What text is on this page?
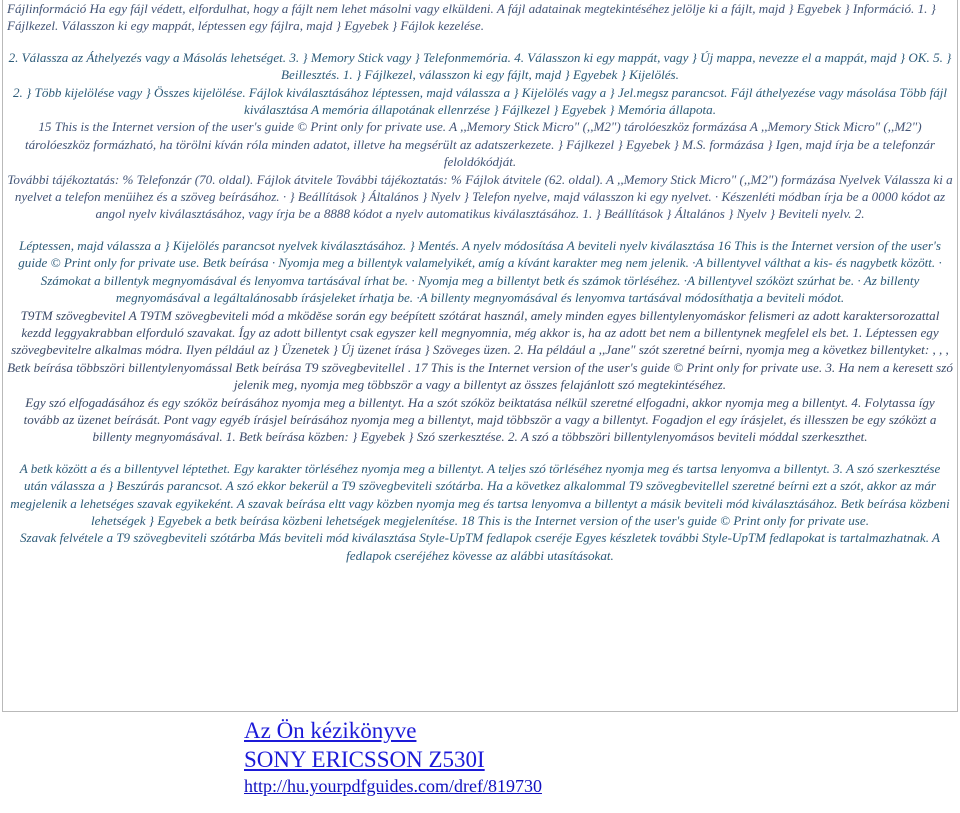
Fájlinformáció Ha egy fájl védett, elfordulhat, hogy a fájlt nem lehet másolni vagy elküldeni. A fájl adatainak megtekintéséhez jelölje ki a fájlt, majd } Egyebek } Információ. 1. } Fájlkezel. Válasszon ki egy mappát, léptessen egy fájlra, majd } Egyebek } Fájlok kezelése.

2. Válassza az Áthelyezés vagy a Másolás lehetséget. 3. } Memory Stick vagy } Telefonmemória. 4. Válasszon ki egy mappát, vagy } Új mappa, nevezze el a mappát, majd } OK. 5. } Beillesztés. 1. } Fájlkezel, válasszon ki egy fájlt, majd } Egyebek } Kijelölés.

2. } Több kijelölése vagy } Összes kijelölése. Fájlok kiválasztásához léptessen, majd válassza a } Kijelölés vagy a } Jel.megsz parancsot. Fájl áthelyezése vagy másolása Több fájl kiválasztása A memória állapotának ellenrzése } Fájlkezel } Egyebek } Memória állapota.

15 This is the Internet version of the user's guide © Print only for private use. A ,,Memory Stick Micro" (,,M2") tárolóeszköz formázása A ,,Memory Stick Micro" (,,M2") tárolóeszköz formázható, ha törölni kíván róla minden adatot, illetve ha megsérült az adatszerkezete. } Fájlkezel } Egyebek } M.S. formázása } Igen, majd írja be a telefonzár feloldókódját.

További tájékoztatás: % Telefonzár (70. oldal). Fájlok átvitele További tájékoztatás: % Fájlok átvitele (62. oldal). A ,,Memory Stick Micro" (,,M2") formázása Nyelvek Válassza ki a nyelvet a telefon menüihez és a szöveg beírásához. · } Beállítások } Általános } Nyelv } Telefon nyelve, majd válasszon ki egy nyelvet. · Készenléti módban írja be a 0000 kódot az angol nyelv kiválasztásához, vagy írja be a 8888 kódot a nyelv automatikus kiválasztásához. 1. } Beállítások } Általános } Nyelv } Beviteli nyelv. 2.

Léptessen, majd válassza a } Kijelölés parancsot nyelvek kiválasztásához. } Mentés. A nyelv módosítása A beviteli nyelv kiválasztása 16 This is the Internet version of the user's guide © Print only for private use. Betk beírása · Nyomja meg a billentyk valamelyikét, amíg a kívánt karakter meg nem jelenik. ·A billentyvel válthat a kis- és nagybetk között. · Számokat a billentyk megnyomásával és lenyomva tartásával írhat be. · Nyomja meg a billentyt betk és számok törléséhez. ·A billentyvel szóközt szúrhat be. · Az billenty megnyomásával a legáltalánosabb írásjeleket írhatja be. ·A billenty megnyomásával és lenyomva tartásával módosíthatja a beviteli módot.

T9TM szövegbevitel A T9TM szövegbeviteli mód a mköděse során egy beépített szótárat használ, amely minden egyes billentylenyomáskor felismeri az adott karaktersorozattal kezdd leggyakrabban elforduló szavakat. Így az adott billentyt csak egyszer kell megnyomnia, még akkor is, ha az adott bet nem a billentynek megfelel els bet. 1. Léptessen egy szövegbevitelre alkalmas módra. Ilyen például az } Üzenetek } Új üzenet írása } Szöveges üzen. 2. Ha például a ,,Jane" szót szeretné beírni, nyomja meg a következ billentyket: , , , Betk beírása többszöri billentylenyomással Betk beírása T9 szövegbevitellel . 17 This is the Internet version of the user's guide © Print only for private use. 3. Ha nem a keresett szó jelenik meg, nyomja meg többször a vagy a billentyt az összes felajánlott szó megtekintéséhez.

Egy szó elfogadásához és egy szóköz beírásához nyomja meg a billentyt. Ha a szót szóköz beiktatása nélkül szeretné elfogadni, akkor nyomja meg a billentyt. 4. Folytassa így tovább az üzenet beírását. Pont vagy egyéb írásjel beírásához nyomja meg a billentyt, majd többször a vagy a billentyt. Fogadjon el egy írásjelet, és illesszen be egy szóközt a billenty megnyomásával. 1. Betk beírása közben: } Egyebek } Szó szerkesztése. 2. A szó a többszöri billentylenyomásos beviteli móddal szerkeszthet.

A betk között a és a billentyvel léptethet. Egy karakter törléséhez nyomja meg a billentyt. A teljes szó törléséhez nyomja meg és tartsa lenyomva a billentyt. 3. A szó szerkesztése után válassza a } Beszúrás parancsot. A szó ekkor bekerül a T9 szövegbeviteli szótárba. Ha a következ alkalommal T9 szövegbevitellel szeretné beírni ezt a szót, akkor az már megjelenik a lehetséges szavak egyikeként. A szavak beírása eltt vagy közben nyomja meg és tartsa lenyomva a billentyt a másik beviteli mód kiválasztásához. Betk beírása közbeni lehetségek } Egyebek a betk beírása közbeni lehetségek megjelenítése. 18 This is the Internet version of the user's guide © Print only for private use.

Szavak felvétele a T9 szövegbeviteli szótárba Más beviteli mód kiválasztása Style-UpTM fedlapok cseréje Egyes készletek további Style-UpTM fedlapokat is tartalmazhatnak. A fedlapok cseréjéhez kövesse az alábbi utasításokat.

Az Ön kézikönyve
SONY ERICSSON Z530I
http://hu.yourpdfguides.com/dref/819730
